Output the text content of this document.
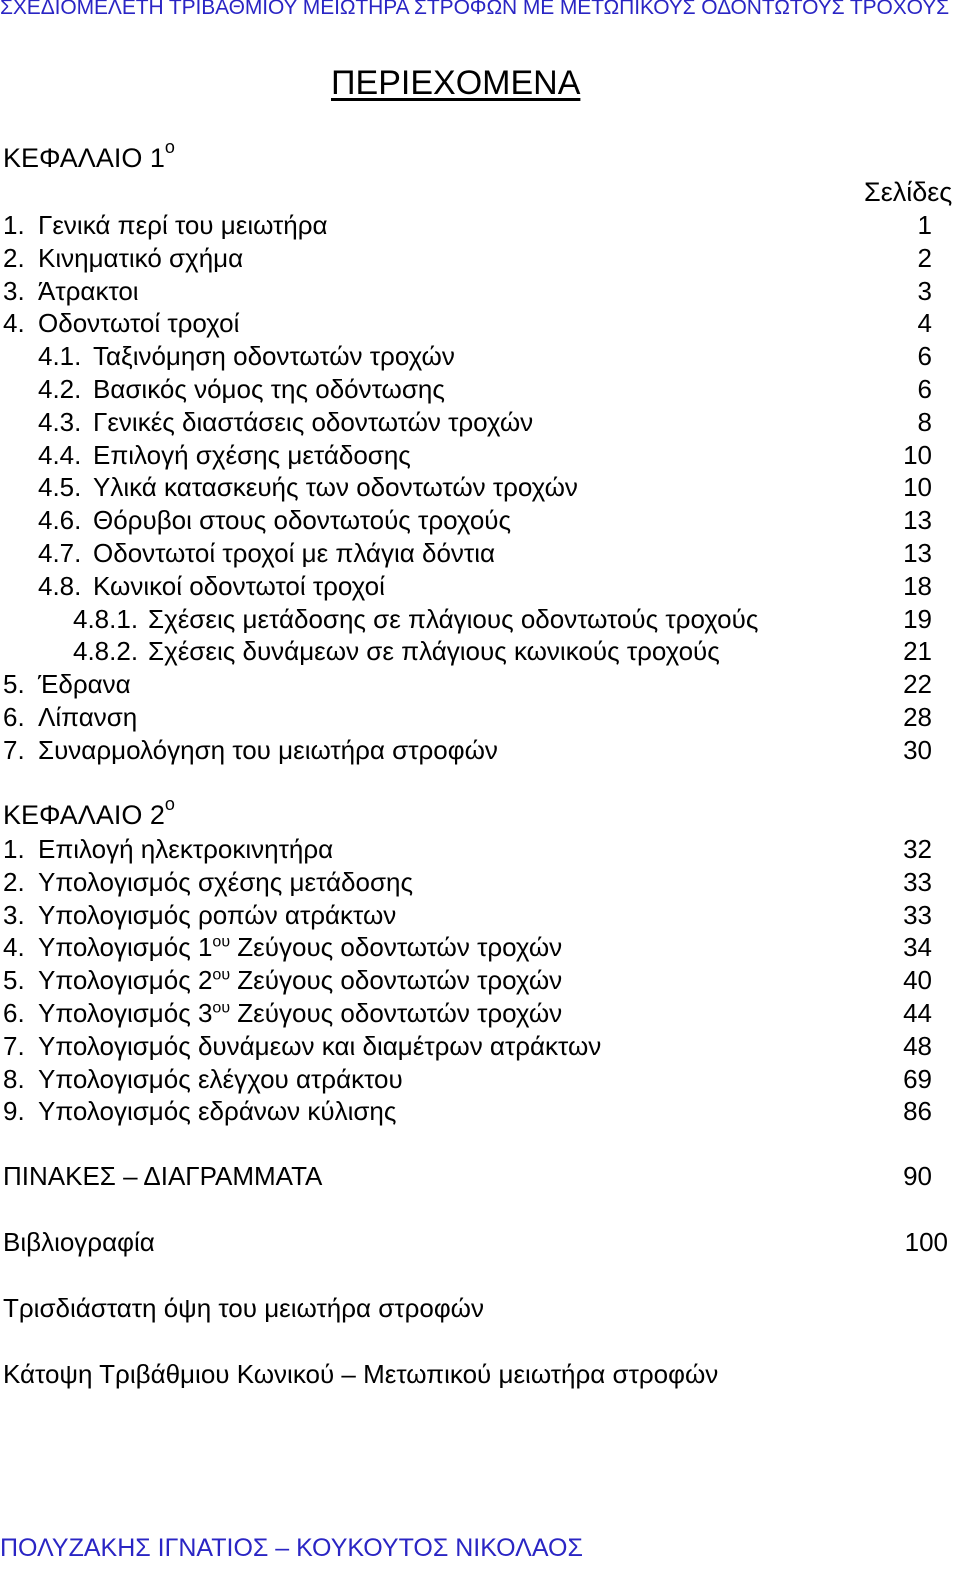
ΣΧΕΔΙΟΜΕΛΕΤΗ ΤΡΙΒΑΘΜΙΟΥ ΜΕΙΩΤΗΡΑ ΣΤΡΟΦΩΝ ΜΕ ΜΕΤΩΠΙΚΟΥΣ ΟΔΟΝΤΩΤΟΥΣ ΤΡΟΧΟΥΣ
ΠΕΡΙΕΧΟΜΕΝΑ
ΚΕΦΑΛΑΙΟ $1^o$
Σελίδες
1. Γενικά περί του μειωτήρα	1
2. Κινηματικό σχήμα	2
3. Άτρακτοι	3
4. Οδοντωτοί τροχοί	4
4.1. Ταξινόμηση οδοντωτών τροχών	6
4.2. Βασικός νόμος της οδόντωσης	6
4.3. Γενικές διαστάσεις οδοντωτών τροχών	8
4.4. Επιλογή σχέσης μετάδοσης	10
4.5. Υλικά κατασκευής των οδοντωτών τροχών	10
4.6. Θόρυβοι στους οδοντωτούς τροχούς	13
4.7. Οδοντωτοί τροχοί με πλάγια δόντια	13
4.8. Κωνικοί οδοντωτοί τροχοί	18
4.8.1. Σχέσεις μετάδοσης σε πλάγιους οδοντωτούς τροχούς	19
4.8.2. Σχέσεις δυνάμεων σε πλάγιους κωνικούς τροχούς	21
5. Έδρανα	22
6. Λίπανση	28
7. Συναρμολόγηση του μειωτήρα στροφών	30
ΚΕΦΑΛΑΙΟ $2^o$
1. Επιλογή ηλεκτροκινητήρα	32
2. Υπολογισμός σχέσης μετάδοσης	33
3. Υπολογισμός ροπών ατράκτων	33
4. Υπολογισμός $1^{o\upsilon}$ Ζεύγους οδοντωτών τροχών	34
5. Υπολογισμός $2^{o\upsilon}$ Ζεύγους οδοντωτών τροχών	40
6. Υπολογισμός $3^{o\upsilon}$ Ζεύγους οδοντωτών τροχών	44
7. Υπολογισμός δυνάμεων και διαμέτρων ατράκτων	48
8. Υπολογισμός ελέγχου ατράκτου	69
9. Υπολογισμός εδράνων κύλισης	86
ΠΙΝΑΚΕΣ – ΔΙΑΓΡΑΜΜΑΤΑ	90
Βιβλιογραφία	100
Τρισδιάστατη όψη του μειωτήρα στροφών
Κάτοψη Τριβάθμιου Κωνικού – Μετωπικού μειωτήρα στροφών
ΠΟΛΥΖΑΚΗΣ ΙΓΝΑΤΙΟΣ – ΚΟΥΚΟΥΤΟΣ ΝΙΚΟΛΑΟΣ
